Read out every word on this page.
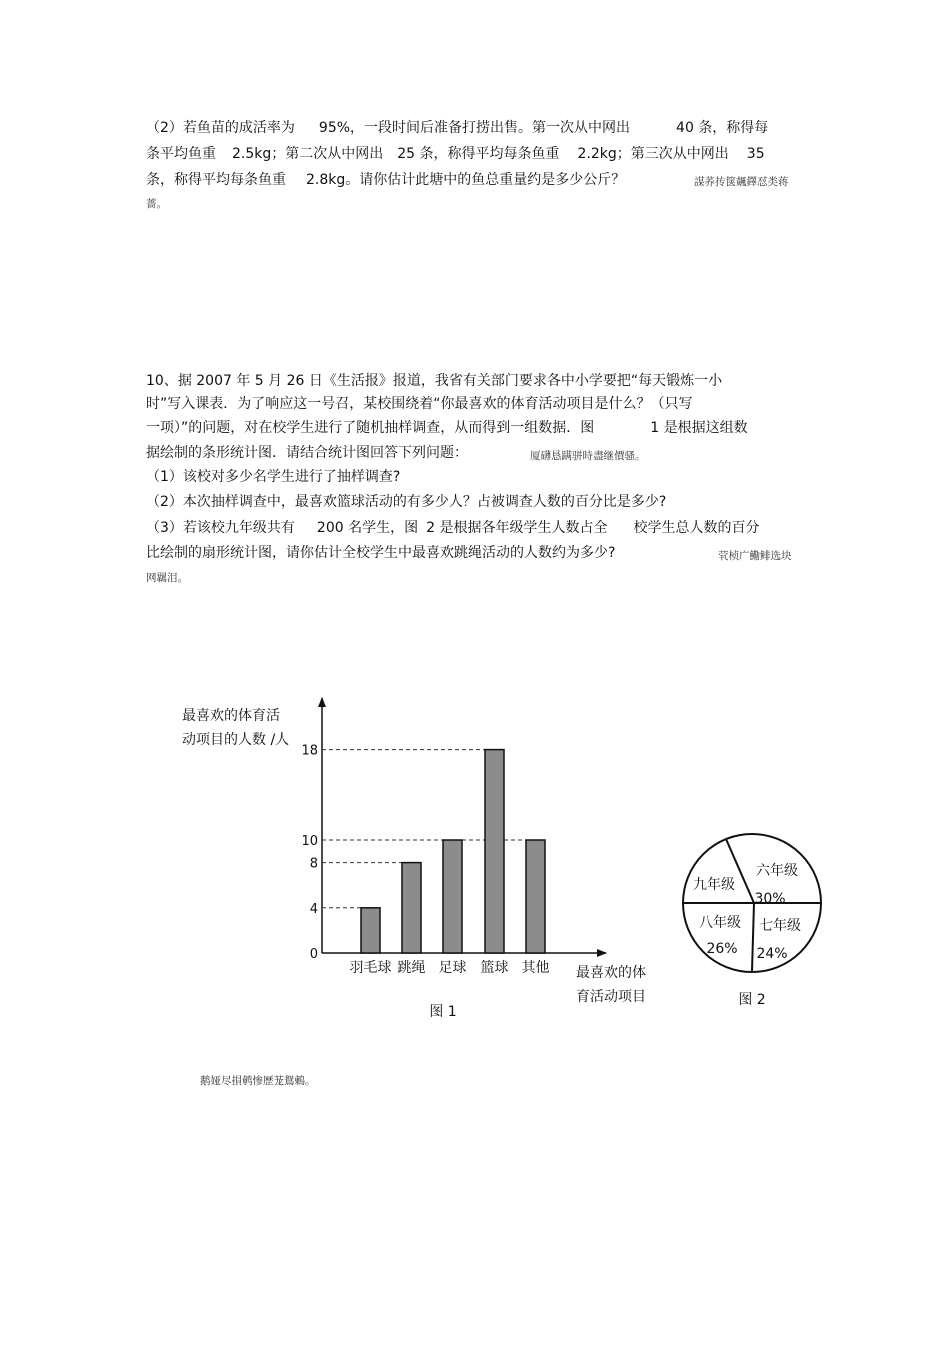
（2）若鱼苗的成活率为 95%，一段时间后准备打捞出售。第一次从中网出	40 条，称得每
条平均鱼重 2.5kg；第二次从中网出 25 条，称得平均每条鱼重 2.2kg；第三次从中网出 35
条，称得平均每条鱼重 2.8kg。请你估计此塘中的鱼总重量约是多少公斤？	謀荞抟箧飆鐸怼类蒋
薔。
10、据 2007 年 5 月 26 日《生活报》报道，我省有关部门要求各中小学要把“每天锻炼一小
时”写入课表．为了响应这一号召，某校围绕着“你最喜欢的体育活动项目是什么？（只写
一项）”的问题，对在校学生进行了随机抽样调查，从而得到一组数据．图	1 是根据这组数
据绘制的条形统计图．请结合统计图回答下列问题：	厦礴恳蹒骈時盡继價骚。
（1）该校对多少名学生进行了抽样调查?
（2）本次抽样调查中，最喜欢篮球活动的有多少人？占被调查人数的百分比是多少?
（3）若该校九年级共有 200 名学生，图 2 是根据各年级学生人数占全 校学生总人数的百分
比绘制的扇形统计图，请你估计全校学生中最喜欢跳绳活动的人数约为多少?	茕桢广鰳鲱选块
网羈泪。
最喜欢的体育活
动项目的人数 /人
0
4
8
10
18
羽毛球 跳绳 足球 篮球 其他 最喜欢的体
育活动项目
图 1
六年级
30%
七年级
24%
八年级
26%
九年级
图 2
鹅娅尽損鹌惨歷茏鴛鶇。
